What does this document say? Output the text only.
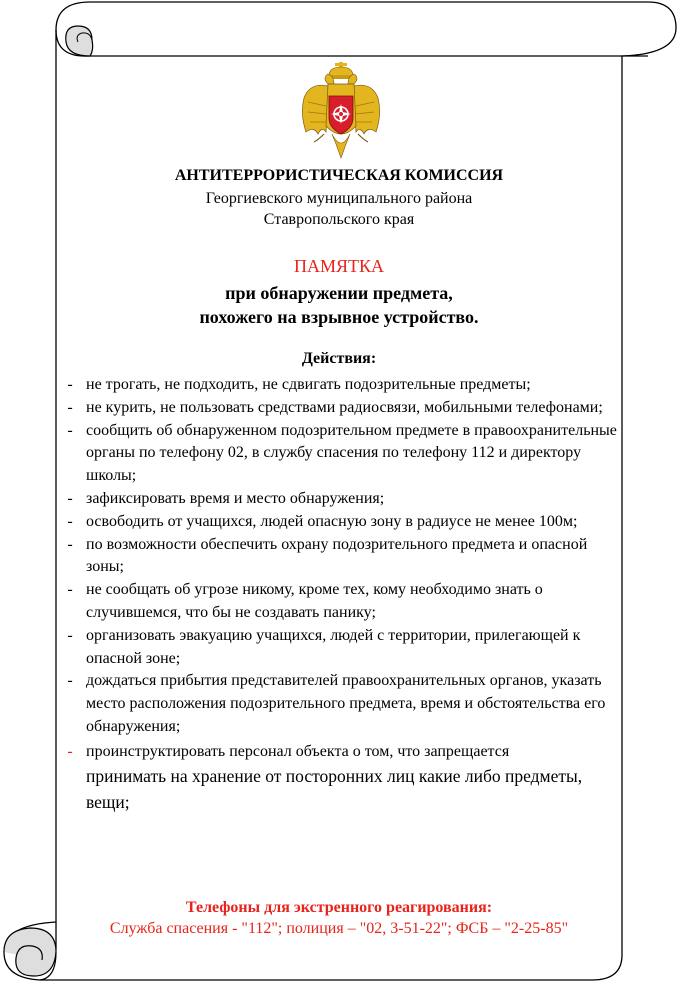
АНТИТЕРРОРИСТИЧЕСКАЯ КОМИССИЯ
Георгиевского муниципального района
Ставропольского края
ПАМЯТКА
при обнаружении предмета,
похожего на взрывное устройство.
Действия:
- не трогать, не подходить, не сдвигать подозрительные предметы;
- не курить, не пользовать средствами радиосвязи, мобильными телефонами;
- сообщить об обнаруженном подозрительном предмете в правоохранительные органы по телефону 02, в службу спасения по телефону 112 и директору школы;
- зафиксировать время и место обнаружения;
- освободить от учащихся, людей опасную зону в радиусе не менее 100м;
- по возможности обеспечить охрану подозрительного предмета и опасной зоны;
- не сообщать об угрозе никому, кроме тех, кому необходимо знать о случившемся, что бы не создавать панику;
- организовать эвакуацию учащихся, людей с территории, прилегающей к опасной зоне;
- дождаться прибытия представителей правоохранительных органов, указать место расположения подозрительного предмета, время и обстоятельства его обнаружения;
- проинструктировать персонал объекта о том, что запрещается
принимать на хранение от посторонних лиц какие либо предметы, вещи;
Телефоны для экстренного реагирования:
Служба спасения - "112"; полиция – "02, 3-51-22"; ФСБ – "2-25-85"
